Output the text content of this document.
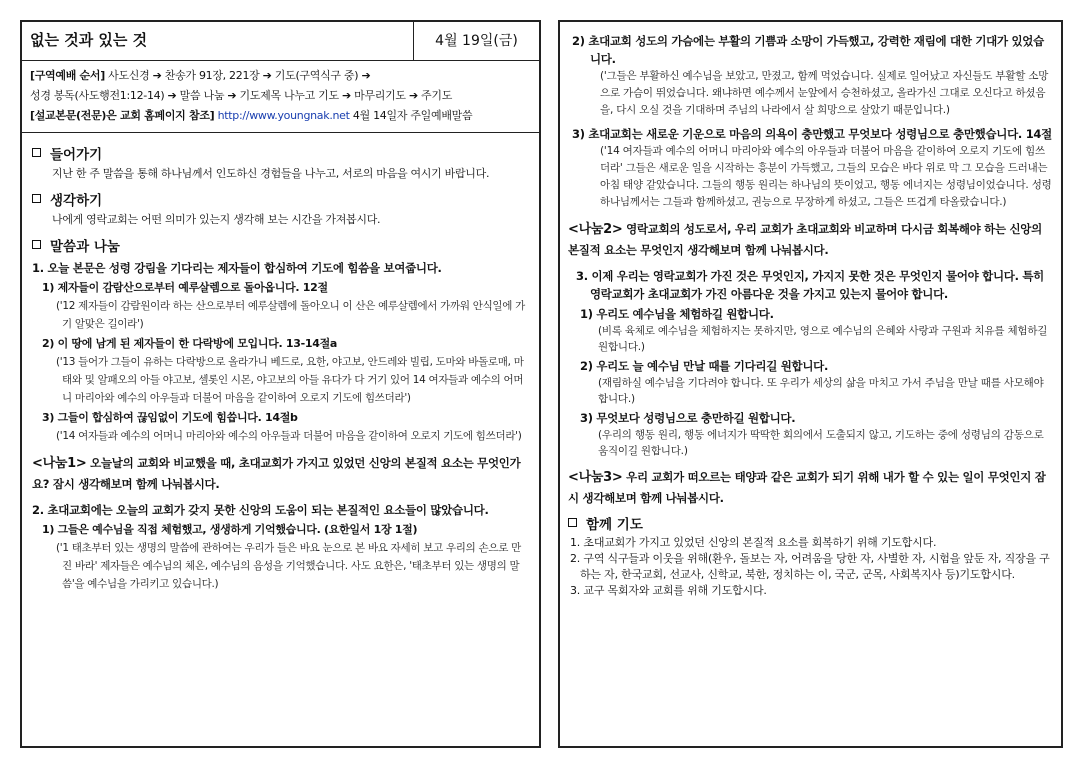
없는 것과 있는 것	4월 19일(금)
[구역예배 순서] 사도신경 ➔ 찬송가 91장, 221장 ➔ 기도(구역식구 중) ➔
성경 봉독(사도행전1:12-14) ➔ 말씀 나눔 ➔ 기도제목 나누고 기도 ➔ 마무리기도 ➔ 주기도
[설교본문(전문)은 교회 홈페이지 참조] http://www.youngnak.net 4월 14일자 주일예배말씀
들어가기
지난 한 주 말씀을 통해 하나님께서 인도하신 경험들을 나누고, 서로의 마음을 여시기 바랍니다.
생각하기
나에게 영락교회는 어떤 의미가 있는지 생각해 보는 시간을 가져봅시다.
말씀과 나눔
1. 오늘 본문은 성령 강림을 기다리는 제자들이 합심하여 기도에 힘씀을 보여줍니다.
1) 제자들이 감람산으로부터 예루살렘으로 돌아옵니다. 12절
('12 제자들이 감람원이라 하는 산으로부터 예루살렘에 돌아오니 이 산은 예루살렘에서 가까워 안식일에 가기 알맞은 길이라')
2) 이 땅에 남게 된 제자들이 한 다락방에 모입니다. 13-14절a
('13 들어가 그들이 유하는 다락방으로 올라가니 베드로, 요한, 야고보, 안드레와 빌립, 도마와 바돌로매, 마태와 및 알패오의 아들 야고보, 셀롯인 시몬, 야고보의 아들 유다가 다 거기 있어 14 여자들과 예수의 어머니 마리아와 예수의 아우들과 더불어 마음을 같이하여 오로지 기도에 힘쓰더라')
3) 그들이 합심하여 끊임없이 기도에 힘씁니다. 14절b
('14 여자들과 예수의 어머니 마리아와 예수의 아우들과 더불어 마음을 같이하여 오로지 기도에 힘쓰더라')
<나눔1> 오늘날의 교회와 비교했을 때, 초대교회가 가지고 있었던 신앙의 본질적 요소는 무엇인가요? 잠시 생각해보며 함께 나눠봅시다.
2. 초대교회에는 오늘의 교회가 갖지 못한 신앙의 도움이 되는 본질적인 요소들이 많았습니다.
1) 그들은 예수님을 직접 체험했고, 생생하게 기억했습니다. (요한일서 1장 1절)
('1 태초부터 있는 생명의 말씀에 관하여는 우리가 들은 바요 눈으로 본 바요 자세히 보고 우리의 손으로 만진 바라' 제자들은 예수님의 체온, 예수님의 음성을 기억했습니다. 사도 요한은, '태초부터 있는 생명의 말씀'을 예수님을 가리키고 있습니다.)
2) 초대교회 성도의 가슴에는 부활의 기쁨과 소망이 가득했고, 강력한 재림에 대한 기대가 있었습니다.
('그들은 부활하신 예수님을 보았고, 만졌고, 함께 먹었습니다. 실제로 일어났고 자신들도 부활할 소망으로 가슴이 뛰었습니다. 왜냐하면 예수께서 눈앞에서 승천하셨고, 올라가신 그대로 오신다고 하셨음을, 다시 오실 것을 기대하며 주님의 나라에서 살 희망으로 살았기 때문입니다.)
3) 초대교회는 새로운 기운으로 마음의 의욕이 충만했고 무엇보다 성령님으로 충만했습니다. 14절
('14 여자들과 예수의 어머니 마리아와 예수의 아우들과 더불어 마음을 같이하여 오로지 기도에 힘쓰더라' 그들은 새로운 일을 시작하는 흥분이 가득했고, 그들의 모습은 바다 위로 막 그 모습을 드러내는 아침 태양 같았습니다. 그들의 행동 원리는 하나님의 뜻이었고, 행동 에너지는 성령님이었습니다. 성령 하나님께서는 그들과 함께하셨고, 권능으로 무장하게 하셨고, 그들은 뜨겁게 타올랐습니다.)
<나눔2> 영락교회의 성도로서, 우리 교회가 초대교회와 비교하며 다시금 회복해야 하는 신앙의 본질적 요소는 무엇인지 생각해보며 함께 나눠봅시다.
3. 이제 우리는 영락교회가 가진 것은 무엇인지, 가지지 못한 것은 무엇인지 물어야 합니다. 특히 영락교회가 초대교회가 가진 아름다운 것을 가지고 있는지 물어야 합니다.
1) 우리도 예수님을 체험하길 원합니다.
(비록 육체로 예수님을 체험하지는 못하지만, 영으로 예수님의 은혜와 사랑과 구원과 치유를 체험하길 원합니다.)
2) 우리도 늘 예수님 만날 때를 기다리길 원합니다.
(재림하실 예수님을 기다려야 합니다. 또 우리가 세상의 삶을 마치고 가서 주님을 만날 때를 사모해야 합니다.)
3) 무엇보다 성령님으로 충만하길 원합니다.
(우리의 행동 원리, 행동 에너지가 딱딱한 회의에서 도출되지 않고, 기도하는 중에 성령님의 감동으로 움직이길 원합니다.)
<나눔3> 우리 교회가 떠오르는 태양과 같은 교회가 되기 위해 내가 할 수 있는 일이 무엇인지 잠시 생각해보며 함께 나눠봅시다.
함께 기도
1. 초대교회가 가지고 있었던 신앙의 본질적 요소를 회복하기 위해 기도합시다.
2. 구역 식구들과 이웃을 위해(환우, 돌보는 자, 어려움을 당한 자, 사별한 자, 시험을 앞둔 자, 직장을 구하는 자, 한국교회, 선교사, 신학교, 북한, 정치하는 이, 국군, 군목, 사회복지사 등)기도합시다.
3. 교구 목회자와 교회를 위해 기도합시다.
